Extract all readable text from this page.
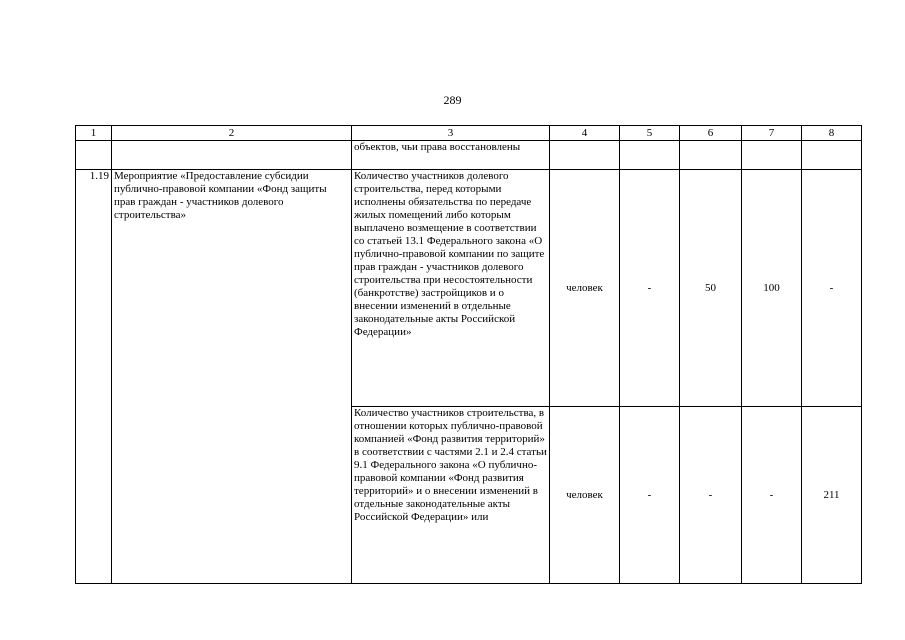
289
1	2	3	4	5	6	7	8
		объектов, чьи права восстановлены					
1.19	Мероприятие «Предоставление субсидии публично-правовой компании «Фонд защиты прав граждан - участников долевого строительства»	Количество участников долевого строительства, перед которыми исполнены обязательства по передаче жилых помещений либо которым выплачено возмещение в соответствии со статьей 13.1 Федерального закона «О публично-правовой компании по защите прав граждан - участников долевого строительства при несостоятельности (банкротстве) застройщиков и о внесении изменений в отдельные законодательные акты Российской Федерации»	человек	-	50	100	-
		Количество участников строительства, в отношении которых публично-правовой компанией «Фонд развития территорий» в соответствии с частями 2.1 и 2.4 статьи 9.1 Федерального закона «О публично-правовой компании «Фонд развития территорий» и о внесении изменений в отдельные законодательные акты Российской Федерации» или	человек	-	-	-	211
